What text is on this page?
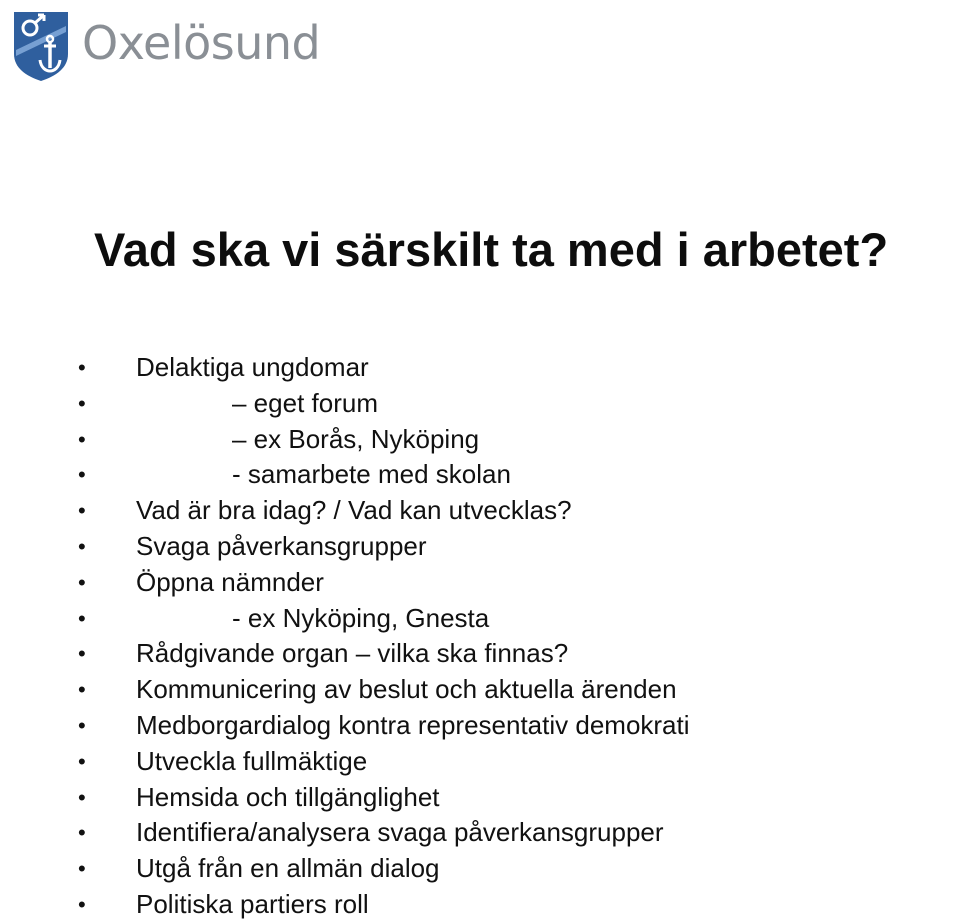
Oxelösund
Vad ska vi särskilt ta med i arbetet?
• Delaktiga ungdomar
•	– eget forum
•	– ex Borås, Nyköping
•	- samarbete med skolan
• Vad är bra idag? / Vad kan utvecklas?
• Svaga påverkansgrupper
• Öppna nämnder
•	- ex Nyköping, Gnesta
• Rådgivande organ – vilka ska finnas?
• Kommunicering av beslut och aktuella ärenden
• Medborgardialog kontra representativ demokrati
• Utveckla fullmäktige
• Hemsida och tillgänglighet
• Identifiera/analysera svaga påverkansgrupper
• Utgå från en allmän dialog
• Politiska partiers roll
